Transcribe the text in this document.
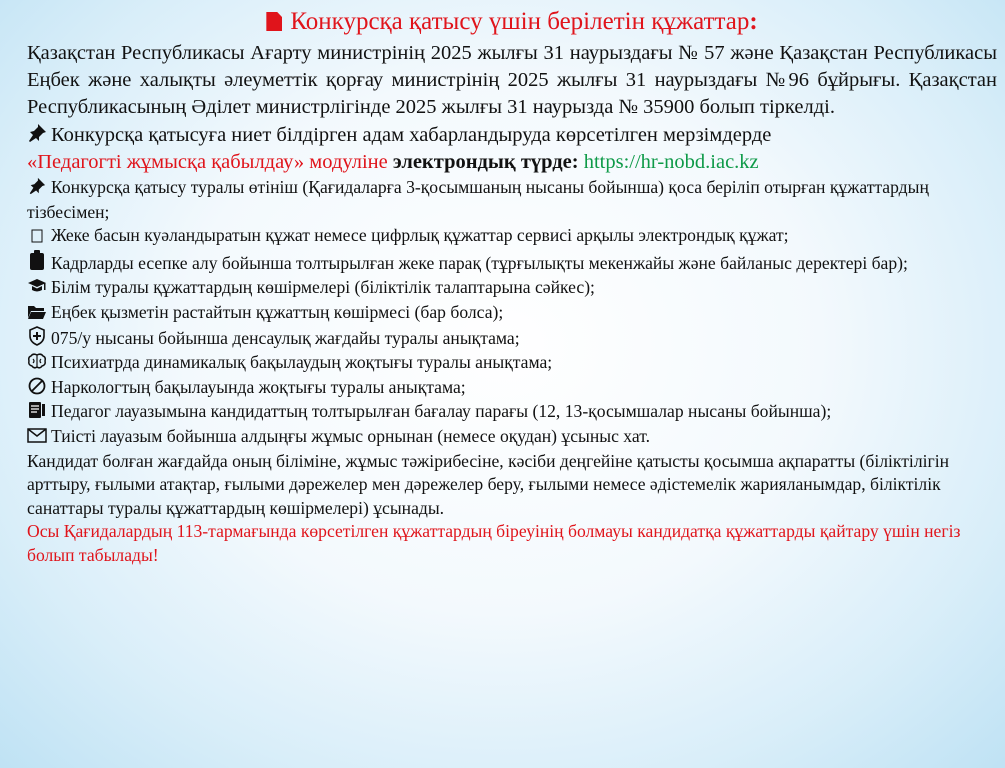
Конкурсқа қатысу үшін берілетін құжаттар:

Қазақстан Республикасы Ағарту министрінің 2025 жылғы 31 наурыздағы № 57 және Қазақстан Республикасы Еңбек және халықты әлеуметтік қорғау министрінің 2025 жылғы 31 наурыздағы №96 бұйрығы. Қазақстан Республикасының Әділет министрлігінде 2025 жылғы 31 наурызда № 35900 болып тіркелді.

Конкурсқа қатысуға ниет білдірген адам хабарландыруда көрсетілген мерзімдерде

«Педагогті жұмысқа қабылдау» модуліне электрондық түрде: https://hr-nobd.iac.kz

Конкурсқа қатысу туралы өтініш (Қағидаларға 3-қосымшаның нысаны бойынша) қоса беріліп отырған құжаттардың тізбесімен;

Жеке басын куәландыратын құжат немесе цифрлық құжаттар сервисі арқылы электрондық құжат;

Кадрларды есепке алу бойынша толтырылған жеке парақ (тұрғылықты мекенжайы және байланыс деректері бар);

Білім туралы құжаттардың көшірмелері (біліктілік талаптарына сәйкес);

Еңбек қызметін растайтын құжаттың көшірмесі (бар болса);

075/у нысаны бойынша денсаулық жағдайы туралы анықтама;

Психиатрда динамикалық бақылаудың жоқтығы туралы анықтама;

Наркологтың бақылауында жоқтығы туралы анықтама;

Педагог лауазымына кандидаттың толтырылған бағалау парағы (12, 13-қосымшалар нысаны бойынша);

Тиісті лауазым бойынша алдыңғы жұмыс орнынан (немесе оқудан) ұсыныс хат.

Кандидат болған жағдайда оның біліміне, жұмыс тәжірибесіне, кәсіби деңгейіне қатысты қосымша ақпаратты (біліктілігін арттыру, ғылыми атақтар, ғылыми дәрежелер мен дәрежелер беру, ғылыми немесе әдістемелік жарияланымдар, біліктілік санаттары туралы құжаттардың көшірмелері) ұсынады.

Осы Қағидалардың 113-тармағында көрсетілген құжаттардың біреуінің болмауы кандидатқа құжаттарды қайтару үшін негіз болып табылады!
